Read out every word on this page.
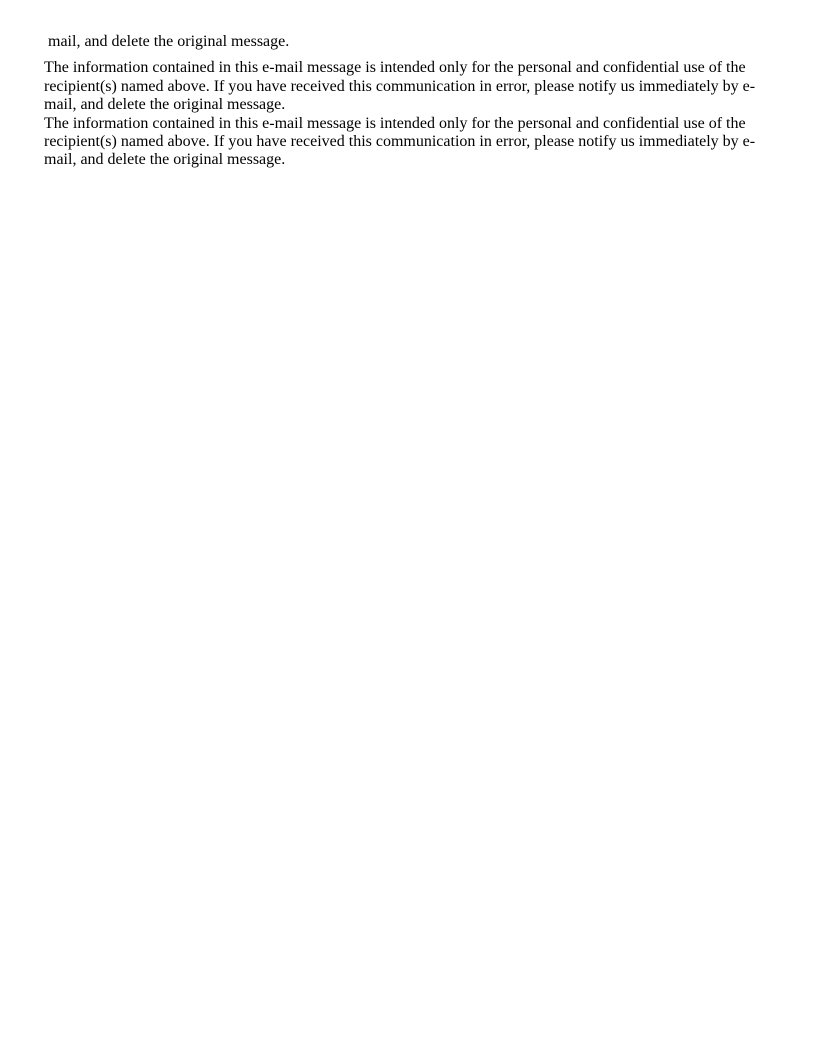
mail, and delete the original message.

The information contained in this e-mail message is intended only for the personal and confidential use of the
recipient(s) named above. If you have received this communication in error, please notify us immediately by e-
mail, and delete the original message.

The information contained in this e-mail message is intended only for the personal and confidential use of the
recipient(s) named above. If you have received this communication in error, please notify us immediately by e-
mail, and delete the original message.
